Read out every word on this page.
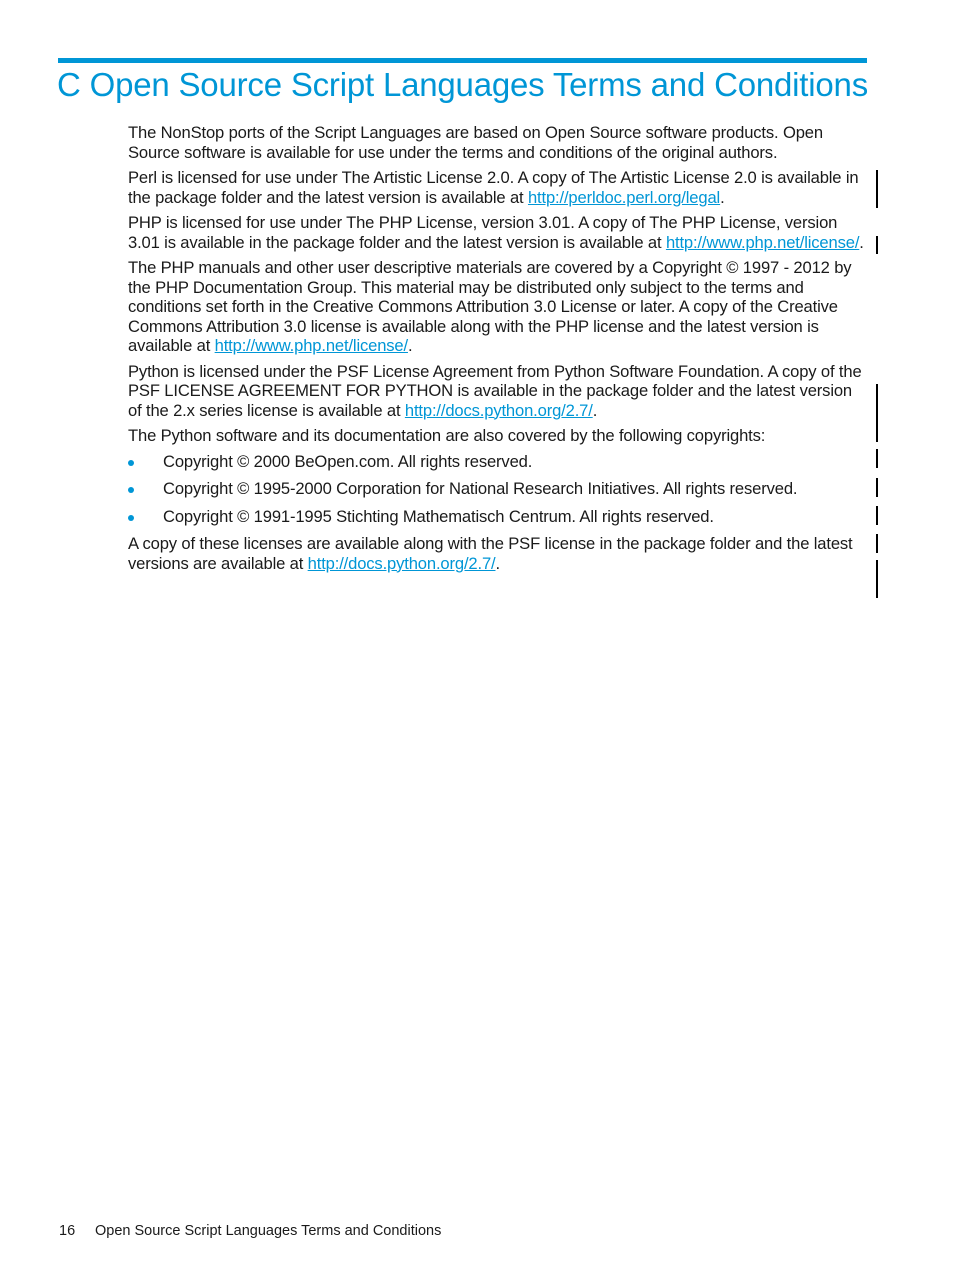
C Open Source Script Languages Terms and Conditions

The NonStop ports of the Script Languages are based on Open Source software products. Open Source software is available for use under the terms and conditions of the original authors.

Perl is licensed for use under The Artistic License 2.0. A copy of The Artistic License 2.0 is available in the package folder and the latest version is available at http://perldoc.perl.org/legal.

PHP is licensed for use under The PHP License, version 3.01. A copy of The PHP License, version 3.01 is available in the package folder and the latest version is available at http://www.php.net/license/.

The PHP manuals and other user descriptive materials are covered by a Copyright © 1997 - 2012 by the PHP Documentation Group. This material may be distributed only subject to the terms and conditions set forth in the Creative Commons Attribution 3.0 License or later. A copy of the Creative Commons Attribution 3.0 license is available along with the PHP license and the latest version is available at http://www.php.net/license/.

Python is licensed under the PSF License Agreement from Python Software Foundation. A copy of the PSF LICENSE AGREEMENT FOR PYTHON is available in the package folder and the latest version of the 2.x series license is available at http://docs.python.org/2.7/.

The Python software and its documentation are also covered by the following copyrights:

Copyright © 2000 BeOpen.com. All rights reserved.
Copyright © 1995-2000 Corporation for National Research Initiatives. All rights reserved.
Copyright © 1991-1995 Stichting Mathematisch Centrum. All rights reserved.

A copy of these licenses are available along with the PSF license in the package folder and the latest versions are available at http://docs.python.org/2.7/.

16 Open Source Script Languages Terms and Conditions
